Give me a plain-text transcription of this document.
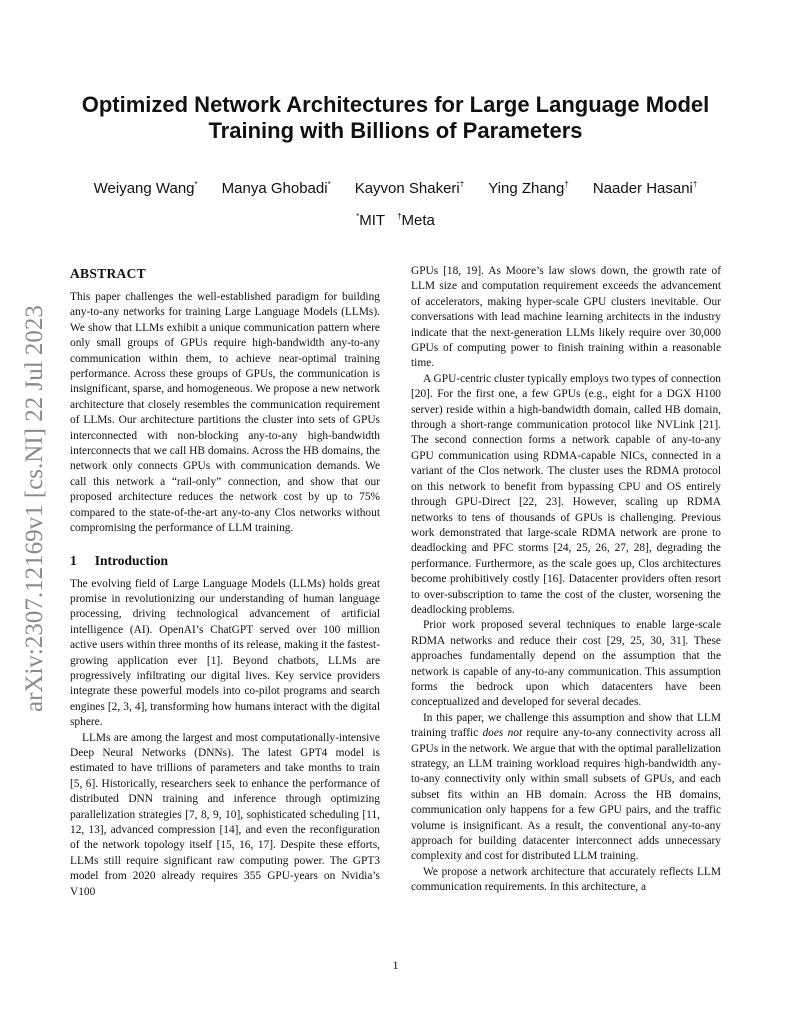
arXiv:2307.12169v1 [cs.NI] 22 Jul 2023
Optimized Network Architectures for Large Language Model Training with Billions of Parameters
Weiyang Wang* Manya Ghobadi* Kayvon Shakeri† Ying Zhang† Naader Hasani†
*MIT †Meta
ABSTRACT

This paper challenges the well-established paradigm for building any-to-any networks for training Large Language Models (LLMs). We show that LLMs exhibit a unique communication pattern where only small groups of GPUs require high-bandwidth any-to-any communication within them, to achieve near-optimal training performance. Across these groups of GPUs, the communication is insignificant, sparse, and homogeneous. We propose a new network architecture that closely resembles the communication requirement of LLMs. Our architecture partitions the cluster into sets of GPUs interconnected with non-blocking any-to-any high-bandwidth interconnects that we call HB domains. Across the HB domains, the network only connects GPUs with communication demands. We call this network a “rail-only” connection, and show that our proposed architecture reduces the network cost by up to 75% compared to the state-of-the-art any-to-any Clos networks without compromising the performance of LLM training.

1 Introduction

The evolving field of Large Language Models (LLMs) holds great promise in revolutionizing our understanding of human language processing, driving technological advancement of artificial intelligence (AI). OpenAI’s ChatGPT served over 100 million active users within three months of its release, making it the fastest-growing application ever [1]. Beyond chatbots, LLMs are progressively infiltrating our digital lives. Key service providers integrate these powerful models into co-pilot programs and search engines [2, 3, 4], transforming how humans interact with the digital sphere.

LLMs are among the largest and most computationally-intensive Deep Neural Networks (DNNs). The latest GPT4 model is estimated to have trillions of parameters and take months to train [5, 6]. Historically, researchers seek to enhance the performance of distributed DNN training and inference through optimizing parallelization strategies [7, 8, 9, 10], sophisticated scheduling [11, 12, 13], advanced compression [14], and even the reconfiguration of the network topology itself [15, 16, 17]. Despite these efforts, LLMs still require significant raw computing power. The GPT3 model from 2020 already requires 355 GPU-years on Nvidia’s V100

GPUs [18, 19]. As Moore’s law slows down, the growth rate of LLM size and computation requirement exceeds the advancement of accelerators, making hyper-scale GPU clusters inevitable. Our conversations with lead machine learning architects in the industry indicate that the next-generation LLMs likely require over 30,000 GPUs of computing power to finish training within a reasonable time.

A GPU-centric cluster typically employs two types of connection [20]. For the first one, a few GPUs (e.g., eight for a DGX H100 server) reside within a high-bandwidth domain, called HB domain, through a short-range communication protocol like NVLink [21]. The second connection forms a network capable of any-to-any GPU communication using RDMA-capable NICs, connected in a variant of the Clos network. The cluster uses the RDMA protocol on this network to benefit from bypassing CPU and OS entirely through GPU-Direct [22, 23]. However, scaling up RDMA networks to tens of thousands of GPUs is challenging. Previous work demonstrated that large-scale RDMA network are prone to deadlocking and PFC storms [24, 25, 26, 27, 28], degrading the performance. Furthermore, as the scale goes up, Clos architectures become prohibitively costly [16]. Datacenter providers often resort to over-subscription to tame the cost of the cluster, worsening the deadlocking problems.

Prior work proposed several techniques to enable large-scale RDMA networks and reduce their cost [29, 25, 30, 31]. These approaches fundamentally depend on the assumption that the network is capable of any-to-any communication. This assumption forms the bedrock upon which datacenters have been conceptualized and developed for several decades.

In this paper, we challenge this assumption and show that LLM training traffic does not require any-to-any connectivity across all GPUs in the network. We argue that with the optimal parallelization strategy, an LLM training workload requires high-bandwidth any-to-any connectivity only within small subsets of GPUs, and each subset fits within an HB domain. Across the HB domains, communication only happens for a few GPU pairs, and the traffic volume is insignificant. As a result, the conventional any-to-any approach for building datacenter interconnect adds unnecessary complexity and cost for distributed LLM training.

We propose a network architecture that accurately reflects LLM communication requirements. In this architecture, a

1
